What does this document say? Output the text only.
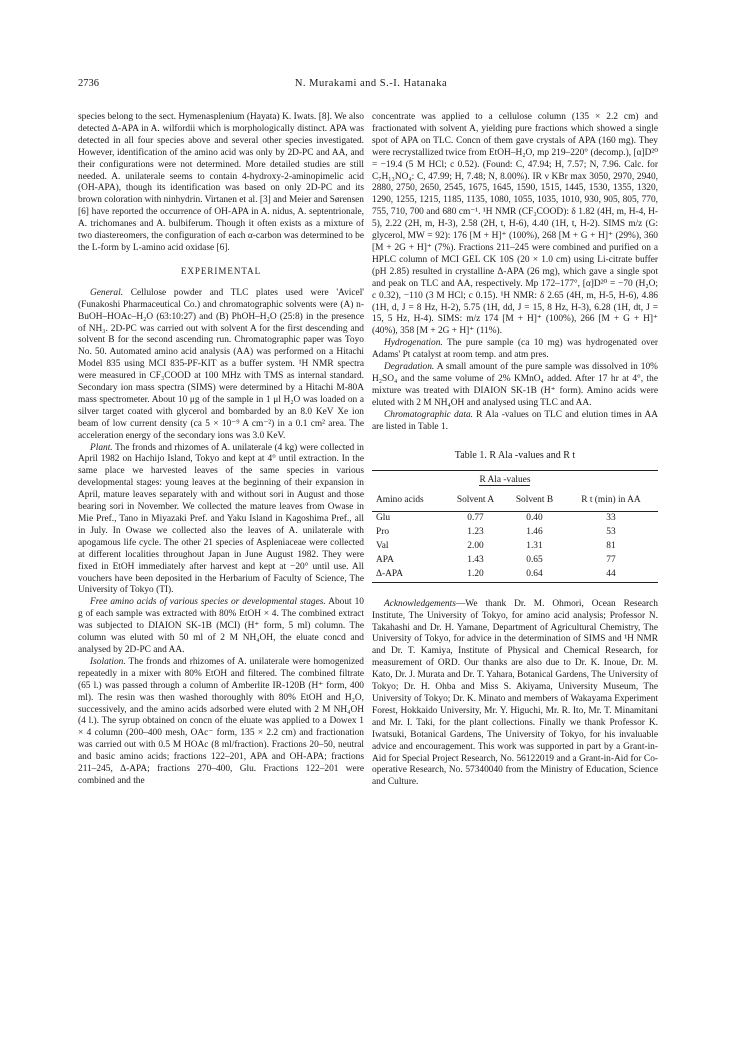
2736	N. Murakami and S.-I. Hatanaka

species belong to the sect. Hymenasplenium (Hayata) K. Iwats. [8]. We also detected Δ-APA in A. wilfordii which is morphologically distinct. APA was detected in all four species above and several other species investigated. However, identification of the amino acid was only by 2D-PC and AA, and their configurations were not determined. More detailed studies are still needed. A. unilaterale seems to contain 4-hydroxy-2-aminopimelic acid (OH-APA), though its identification was based on only 2D-PC and its brown coloration with ninhydrin. Virtanen et al. [3] and Meier and Sørensen [6] have reported the occurrence of OH-APA in A. nidus, A. septentrionale, A. trichomanes and A. bulbiferum. Though it often exists as a mixture of two diastereomers, the configuration of each α-carbon was determined to be the L-form by L-amino acid oxidase [6].

EXPERIMENTAL

General. Cellulose powder and TLC plates used were 'Avicel' (Funakoshi Pharmaceutical Co.) and chromatographic solvents were (A) n-BuOH–HOAc–H₂O (63:10:27) and (B) PhOH–H₂O (25:8) in the presence of NH₃. 2D-PC was carried out with solvent A for the first descending and solvent B for the second ascending run. Chromatographic paper was Toyo No. 50. Automated amino acid analysis (AA) was performed on a Hitachi Model 835 using MCI 835-PF-KIT as a buffer system. ¹H NMR spectra were measured in CF₃COOD at 100 MHz with TMS as internal standard. Secondary ion mass spectra (SIMS) were determined by a Hitachi M-80A mass spectrometer. About 10 μg of the sample in 1 μl H₂O was loaded on a silver target coated with glycerol and bombarded by an 8.0 KeV Xe ion beam of low current density (ca 5 × 10⁻⁹ A cm⁻²) in a 0.1 cm² area. The acceleration energy of the secondary ions was 3.0 KeV.

Plant. The fronds and rhizomes of A. unilaterale (4 kg) were collected in April 1982 on Hachijo Island, Tokyo and kept at 4° until extraction. In the same place we harvested leaves of the same species in various developmental stages: young leaves at the beginning of their expansion in April, mature leaves separately with and without sori in August and those bearing sori in November. We collected the mature leaves from Owase in Mie Pref., Tano in Miyazaki Pref. and Yaku Island in Kagoshima Pref., all in July. In Owase we collected also the leaves of A. unilaterale with apogamous life cycle. The other 21 species of Aspleniaceae were collected at different localities throughout Japan in June August 1982. They were fixed in EtOH immediately after harvest and kept at −20° until use. All vouchers have been deposited in the Herbarium of Faculty of Science, The University of Tokyo (TI).

Free amino acids of various species or developmental stages. About 10 g of each sample was extracted with 80% EtOH × 4. The combined extract was subjected to DIAION SK-1B (MCI) (H⁺ form, 5 ml) column. The column was eluted with 50 ml of 2 M NH₄OH, the eluate concd and analysed by 2D-PC and AA.

Isolation. The fronds and rhizomes of A. unilaterale were homogenized repeatedly in a mixer with 80% EtOH and filtered. The combined filtrate (65 l.) was passed through a column of Amberlite IR-120B (H⁺ form, 400 ml). The resin was then washed thoroughly with 80% EtOH and H₂O, successively, and the amino acids adsorbed were eluted with 2 M NH₄OH (4 l.). The syrup obtained on concn of the eluate was applied to a Dowex 1 × 4 column (200–400 mesh, OAc⁻ form, 135 × 2.2 cm) and fractionation was carried out with 0.5 M HOAc (8 ml/fraction). Fractions 20–50, neutral and basic amino acids; fractions 122–201, APA and OH-APA; fractions 211–245, Δ-APA; fractions 270–400, Glu. Fractions 122–201 were combined and the

concentrate was applied to a cellulose column (135 × 2.2 cm) and fractionated with solvent A, yielding pure fractions which showed a single spot of APA on TLC. Concn of them gave crystals of APA (160 mg). They were recrystallized twice from EtOH–H₂O, mp 219–220° (decomp.), [α]D²⁰ = −19.4 (5 M HCl; c 0.52). (Found: C, 47.94; H, 7.57; N, 7.96. Calc. for C₇H₁₃NO₄: C, 47.99; H, 7.48; N, 8.00%). IR ν KBr max 3050, 2970, 2940, 2880, 2750, 2650, 2545, 1675, 1645, 1590, 1515, 1445, 1530, 1355, 1320, 1290, 1255, 1215, 1185, 1135, 1080, 1055, 1035, 1010, 930, 905, 805, 770, 755, 710, 700 and 680 cm⁻¹. ¹H NMR (CF₃COOD): δ 1.82 (4H, m, H-4, H-5), 2.22 (2H, m, H-3), 2.58 (2H, t, H-6), 4.40 (1H, t, H-2). SIMS m/z (G: glycerol, MW = 92): 176 [M + H]⁺ (100%), 268 [M + G + H]⁺ (29%), 360 [M + 2G + H]⁺ (7%). Fractions 211–245 were combined and purified on a HPLC column of MCI GEL CK 10S (20 × 1.0 cm) using Li-citrate buffer (pH 2.85) resulted in crystalline Δ-APA (26 mg), which gave a single spot and peak on TLC and AA, respectively. Mp 172–177°, [α]D²⁰ = −70 (H₂O; c 0.32), −110 (3 M HCl; c 0.15). ¹H NMR: δ 2.65 (4H, m, H-5, H-6), 4.86 (1H, d, J = 8 Hz, H-2), 5.75 (1H, dd, J = 15, 8 Hz, H-3), 6.28 (1H, dt, J = 15, 5 Hz, H-4). SIMS: m/z 174 [M + H]⁺ (100%), 266 [M + G + H]⁺ (40%), 358 [M + 2G + H]⁺ (11%).

Hydrogenation. The pure sample (ca 10 mg) was hydrogenated over Adams' Pt catalyst at room temp. and atm pres.

Degradation. A small amount of the pure sample was dissolved in 10% H₂SO₄ and the same volume of 2% KMnO₄ added. After 17 hr at 4°, the mixture was treated with DIAION SK-1B (H⁺ form). Amino acids were eluted with 2 M NH₄OH and analysed using TLC and AA.

Chromatographic data. R Ala -values on TLC and elution times in AA are listed in Table 1.

Table 1. R Ala -values and R t
	R Ala -values		
Amino acids	Solvent A	Solvent B	R t (min) in AA
Glu	0.77	0.40	33
Pro	1.23	1.46	53
Val	2.00	1.31	81
APA	1.43	0.65	77
Δ-APA	1.20	0.64	44

Acknowledgements—We thank Dr. M. Ohmori, Ocean Research Institute, The University of Tokyo, for amino acid analysis; Professor N. Takahashi and Dr. H. Yamane, Department of Agricultural Chemistry, The University of Tokyo, for advice in the determination of SIMS and ¹H NMR and Dr. T. Kamiya, Institute of Physical and Chemical Research, for measurement of ORD. Our thanks are also due to Dr. K. Inoue, Dr. M. Kato, Dr. J. Murata and Dr. T. Yahara, Botanical Gardens, The University of Tokyo; Dr. H. Ohba and Miss S. Akiyama, University Museum, The University of Tokyo; Dr. K. Minato and members of Wakayama Experiment Forest, Hokkaido University, Mr. Y. Higuchi, Mr. R. Ito, Mr. T. Minamitani and Mr. I. Taki, for the plant collections. Finally we thank Professor K. Iwatsuki, Botanical Gardens, The University of Tokyo, for his invaluable advice and encouragement. This work was supported in part by a Grant-in-Aid for Special Project Research, No. 56122019 and a Grant-in-Aid for Co-operative Research, No. 57340040 from the Ministry of Education, Science and Culture.
